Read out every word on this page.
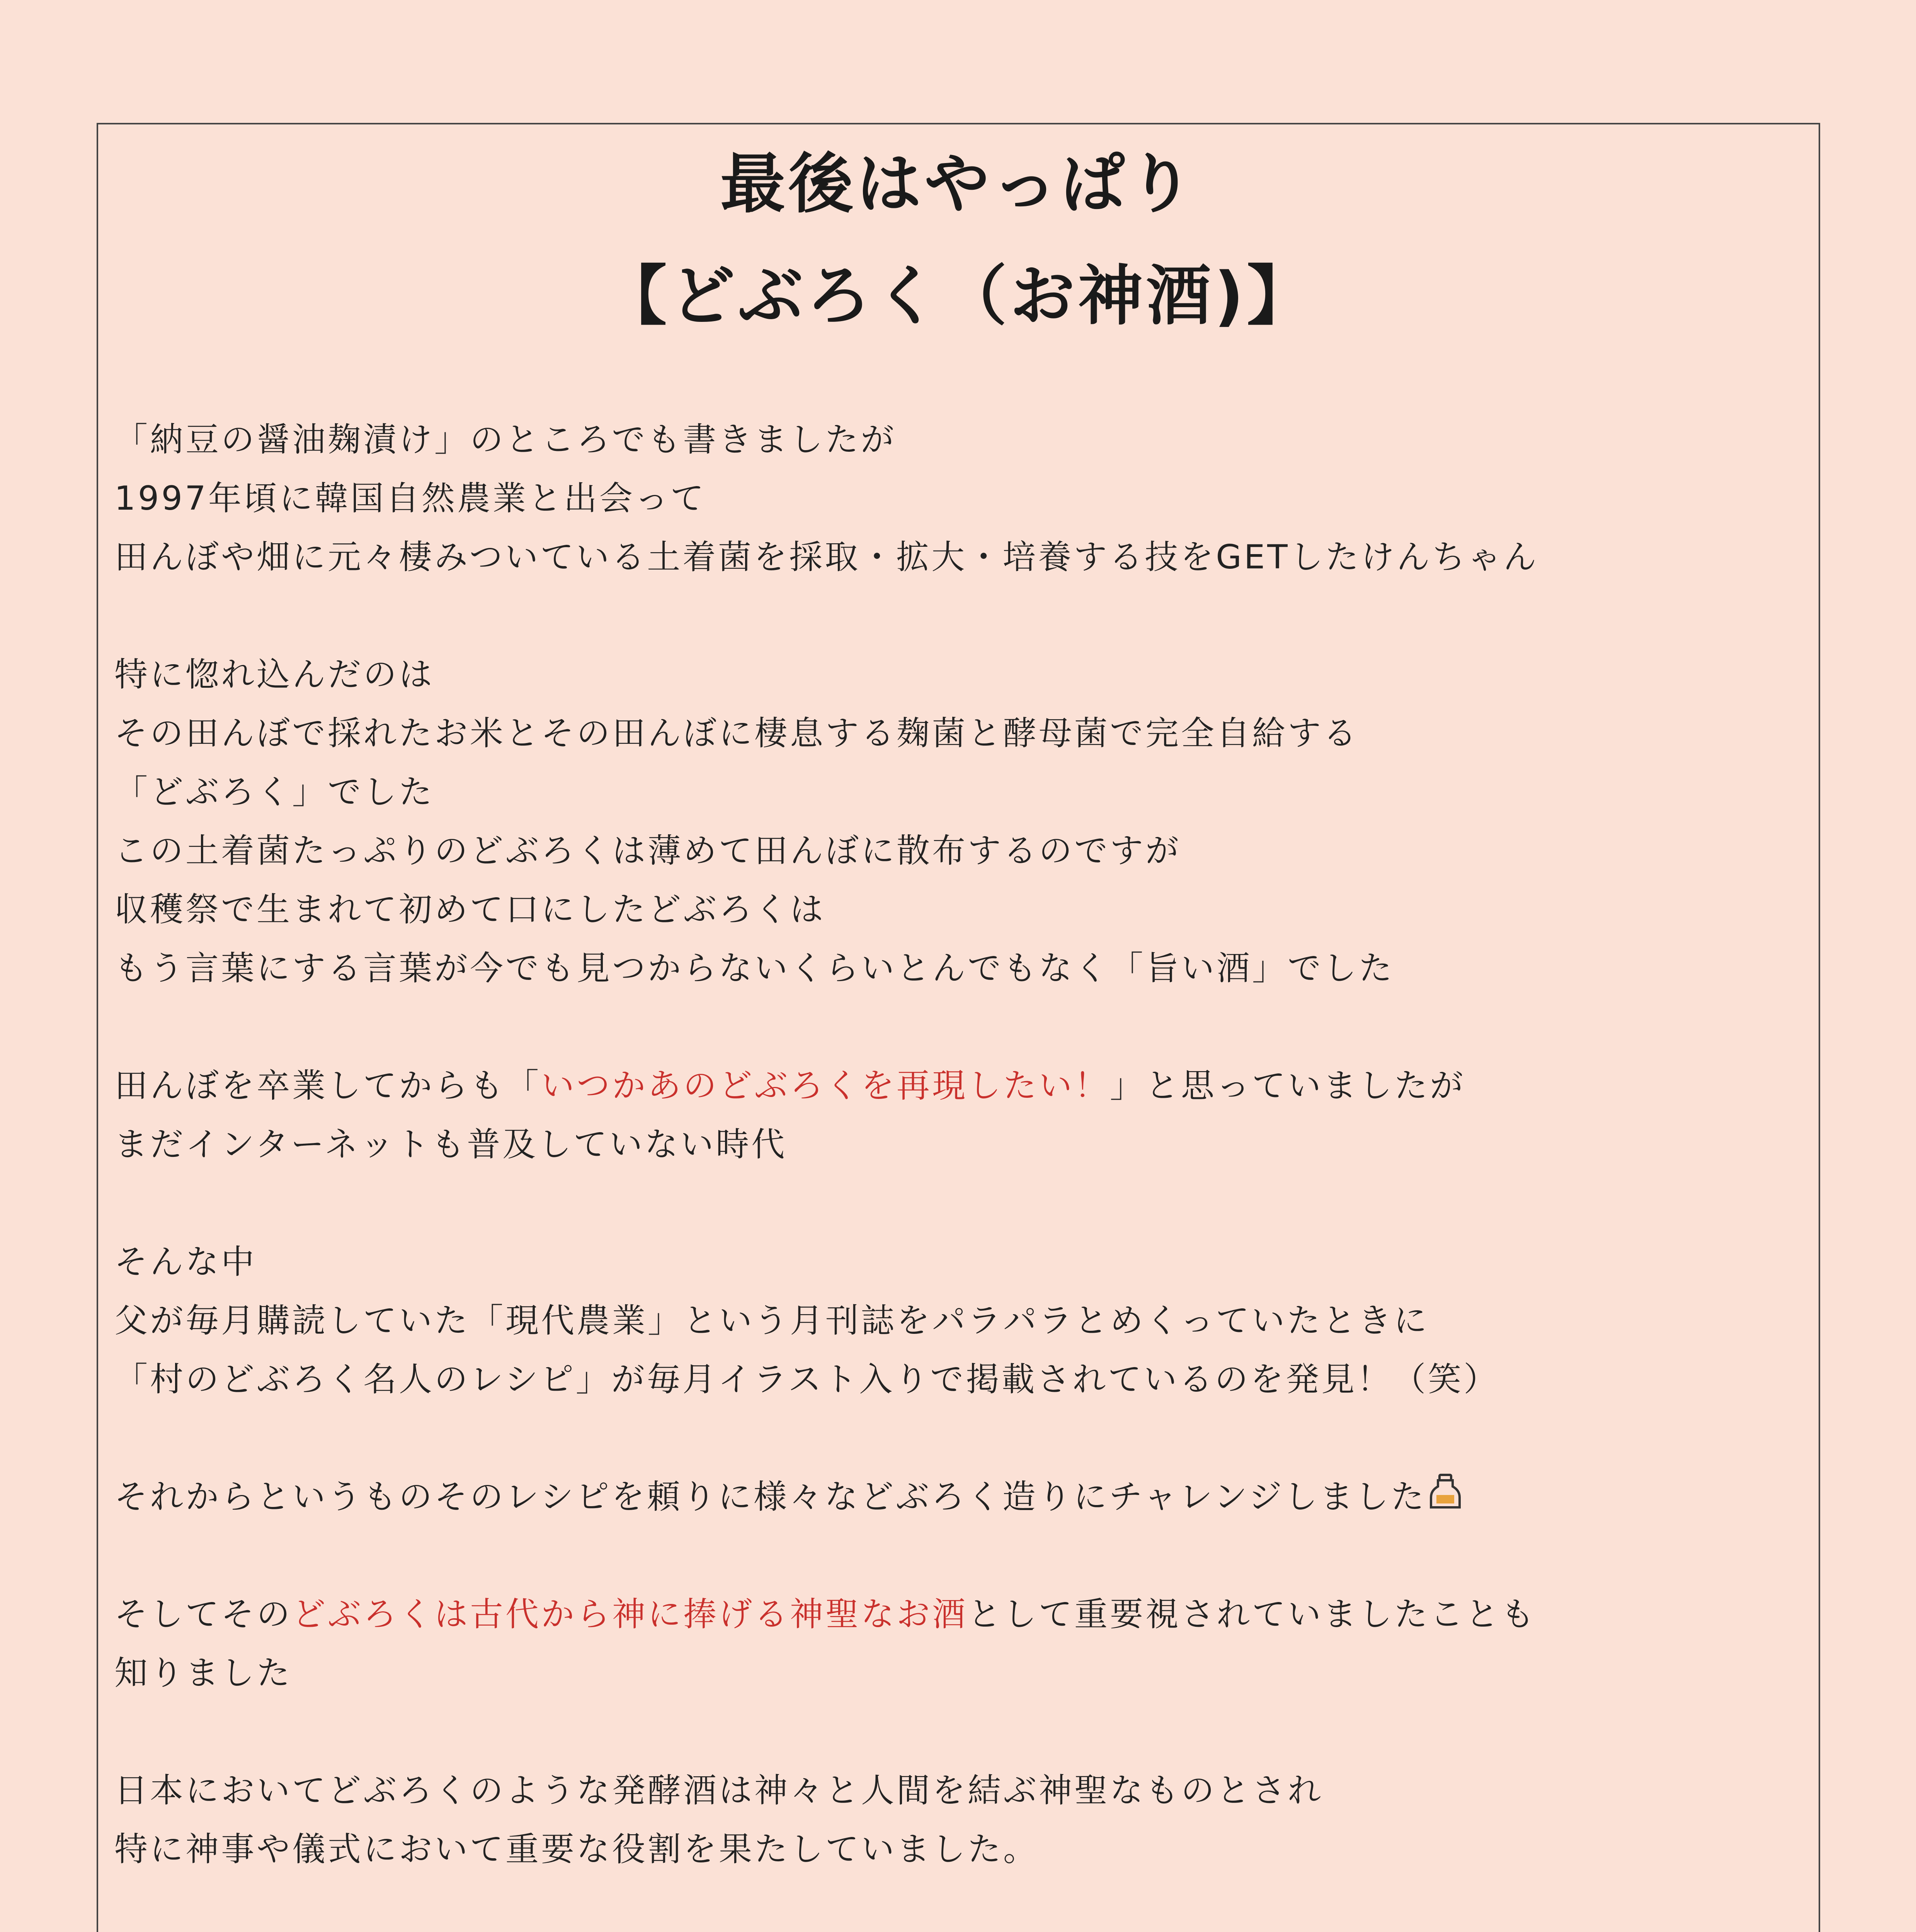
最後はやっぱり
【どぶろく（お神酒)】
「納豆の醤油麹漬け」のところでも書きましたが
1997年頃に韓国自然農業と出会って
田んぼや畑に元々棲みついている土着菌を採取・拡大・培養する技をGETしたけんちゃん
特に惚れ込んだのは
その田んぼで採れたお米とその田んぼに棲息する麹菌と酵母菌で完全自給する
「どぶろく」でした
この土着菌たっぷりのどぶろくは薄めて田んぼに散布するのですが
収穫祭で生まれて初めて口にしたどぶろくは
もう言葉にする言葉が今でも見つからないくらいとんでもなく「旨い酒」でした
田んぼを卒業してからも「いつかあのどぶろくを再現したい！」と思っていましたが
まだインターネットも普及していない時代
そんな中
父が毎月購読していた「現代農業」という月刊誌をパラパラとめくっていたときに
「村のどぶろく名人のレシピ」が毎月イラスト入りで掲載されているのを発見！（笑）
それからというものそのレシピを頼りに様々などぶろく造りにチャレンジしました
そしてそのどぶろくは古代から神に捧げる神聖なお酒として重要視されていましたことも
知りました
日本においてどぶろくのような発酵酒は神々と人間を結ぶ神聖なものとされ
特に神事や儀式において重要な役割を果たしていました。
